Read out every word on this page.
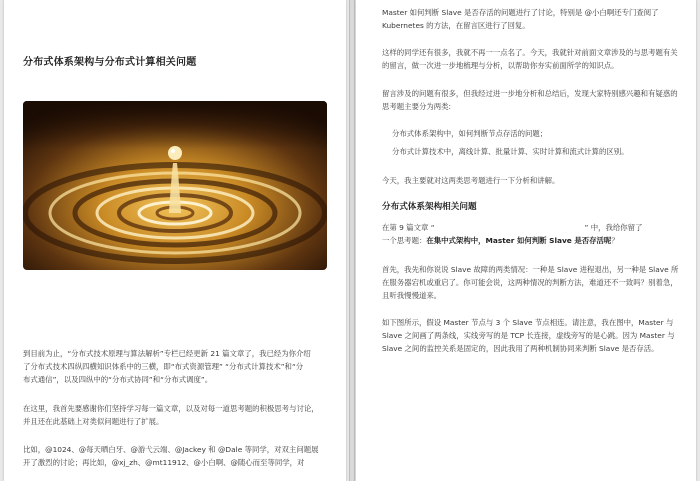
分布式体系架构与分布式计算相关问题
到目前为止，“分布式技术原理与算法解析”专栏已经更新 21 篇文章了，我已经为你介绍
了分布式技术四纵四横知识体系中的三横，即“布式资源管理” “分布式计算技术”和“分
布式通信”，以及四纵中的“分布式协同”和“分布式调度”。
在这里，我首先要感谢你们坚持学习每一篇文章，以及对每一道思考题的积极思考与讨论，
并且还在此基础上对类似问题进行了扩展。
比如，@1024、@每天晒白牙、@游弋云端、@Jackey 和 @Dale 等同学，对双主问题展
开了激烈的讨论；再比如，@xj_zh、@mt11912、@小白啊、@随心而至等同学，对
Master 如何判断 Slave 是否存活的问题进行了讨论，特别是 @小白啊还专门查阅了
Kubernetes 的方法，在留言区进行了回复。
这样的同学还有很多，我就不再一一点名了。今天，我就针对前面文章涉及的与思考题有关
的留言，做一次进一步地梳理与分析，以帮助你夯实前面所学的知识点。
留言涉及的问题有很多，但我经过进一步地分析和总结后，发现大家特别感兴趣和有疑惑的
思考题主要分为两类:
分布式体系架构中，如何判断节点存活的问题；
分布式计算技术中，离线计算、批量计算、实时计算和流式计算的区别。
今天，我主要就对这两类思考题进行一下分析和讲解。
分布式体系架构相关问题
在第 9 篇文章 “	” 中，我给你留了
一个思考题：在集中式架构中，Master 如何判断 Slave 是否存活呢？
首先，我先和你说说 Slave 故障的两类情况：一种是 Slave 进程退出，另一种是 Slave 所
在服务器宕机或重启了。你可能会说，这两种情况的判断方法，难道还不一致吗？别着急，
且听我慢慢道来。
如下图所示，假设 Master 节点与 3 个 Slave 节点相连。请注意，我在图中，Master 与
Slave 之间画了两条线，实线旁写的是 TCP 长连接，虚线旁写的是心跳。因为 Master 与
Slave 之间的监控关系是固定的，因此我用了两种机制协同来判断 Slave 是否存活。
